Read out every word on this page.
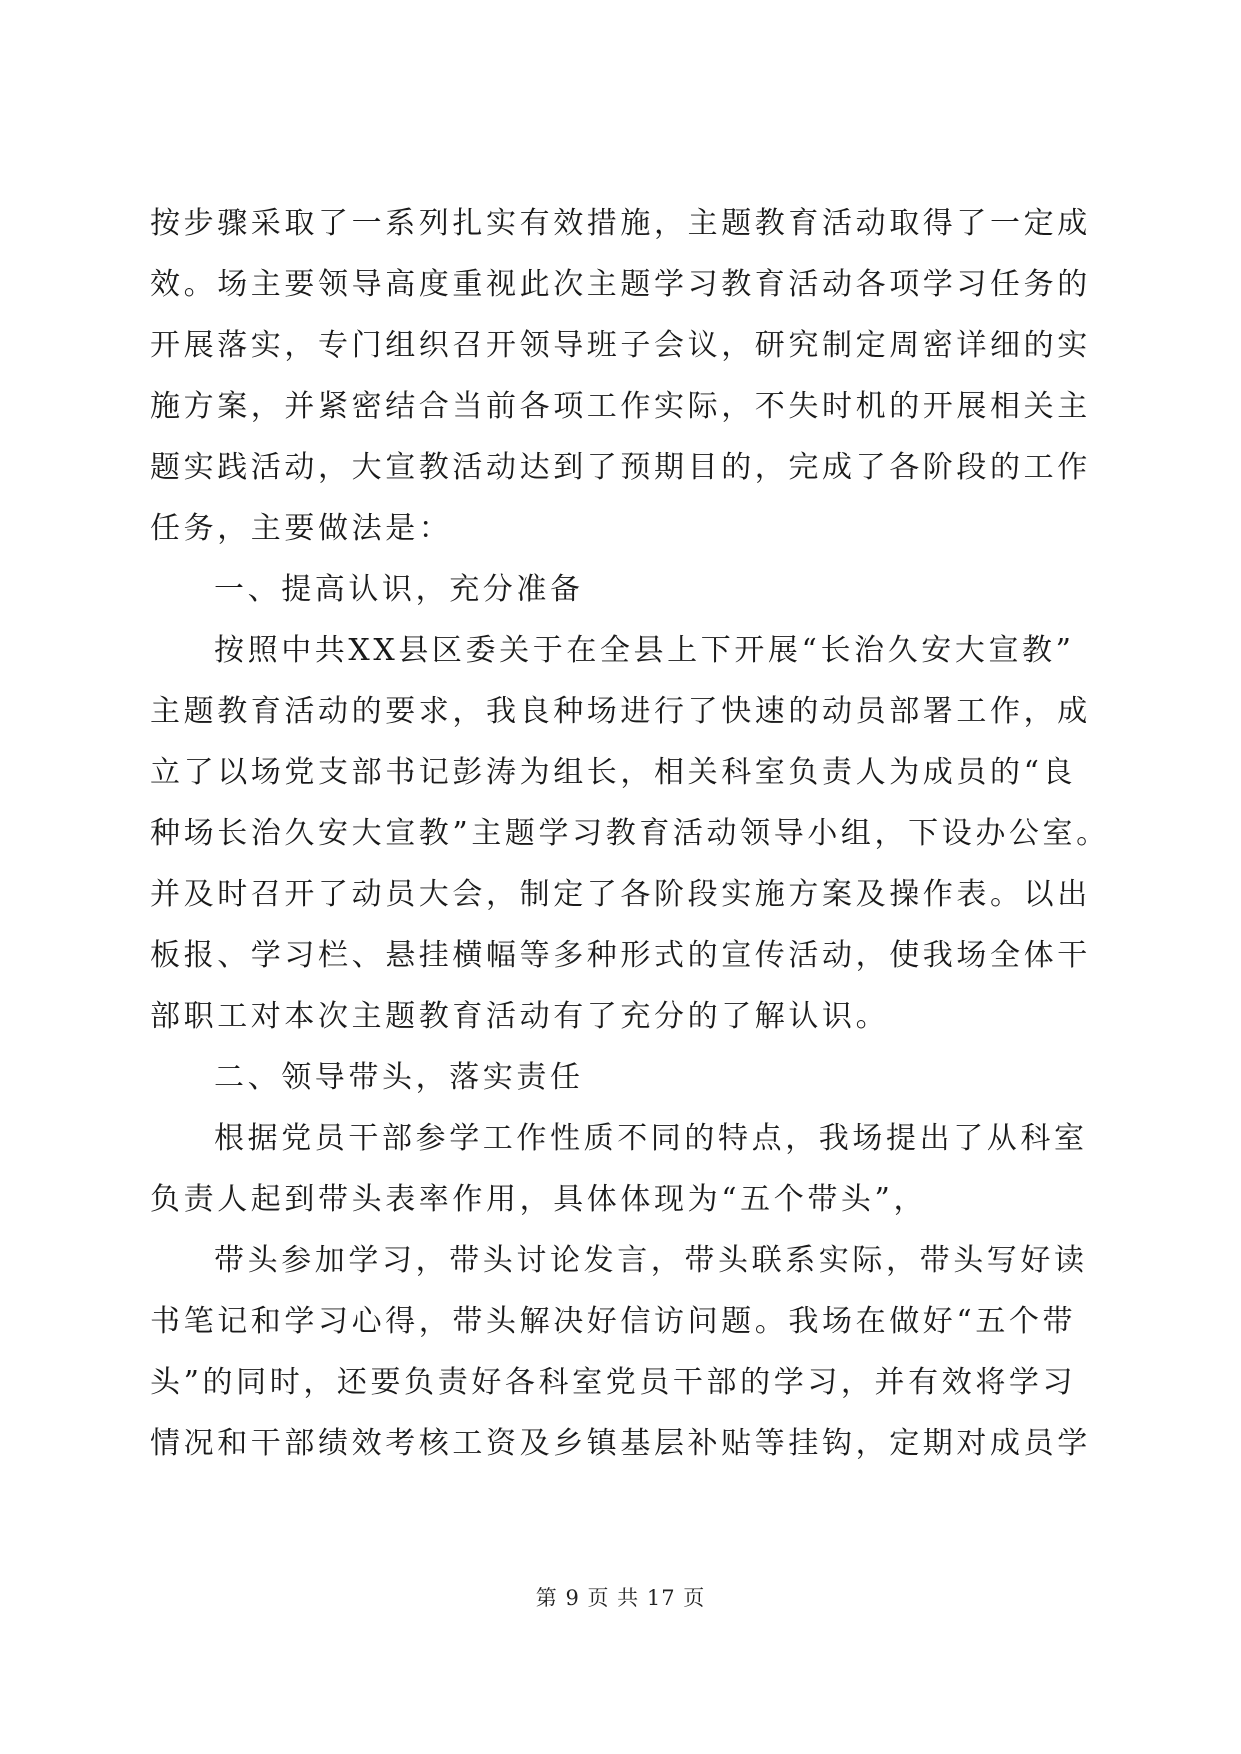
按步骤采取了一系列扎实有效措施，主题教育活动取得了一定成
效。场主要领导高度重视此次主题学习教育活动各项学习任务的
开展落实，专门组织召开领导班子会议，研究制定周密详细的实
施方案，并紧密结合当前各项工作实际，不失时机的开展相关主
题实践活动，大宣教活动达到了预期目的，完成了各阶段的工作
任务，主要做法是：
一、提高认识，充分准备
按照中共XX县区委关于在全县上下开展“长治久安大宣教”
主题教育活动的要求，我良种场进行了快速的动员部署工作，成
立了以场党支部书记彭涛为组长，相关科室负责人为成员的“良
种场长治久安大宣教”主题学习教育活动领导小组，下设办公室。
并及时召开了动员大会，制定了各阶段实施方案及操作表。以出
板报、学习栏、悬挂横幅等多种形式的宣传活动，使我场全体干
部职工对本次主题教育活动有了充分的了解认识。
二、领导带头，落实责任
根据党员干部参学工作性质不同的特点，我场提出了从科室
负责人起到带头表率作用，具体体现为“五个带头”，
带头参加学习，带头讨论发言，带头联系实际，带头写好读
书笔记和学习心得，带头解决好信访问题。我场在做好“五个带
头”的同时，还要负责好各科室党员干部的学习，并有效将学习
情况和干部绩效考核工资及乡镇基层补贴等挂钩，定期对成员学
第 9 页 共 17 页
